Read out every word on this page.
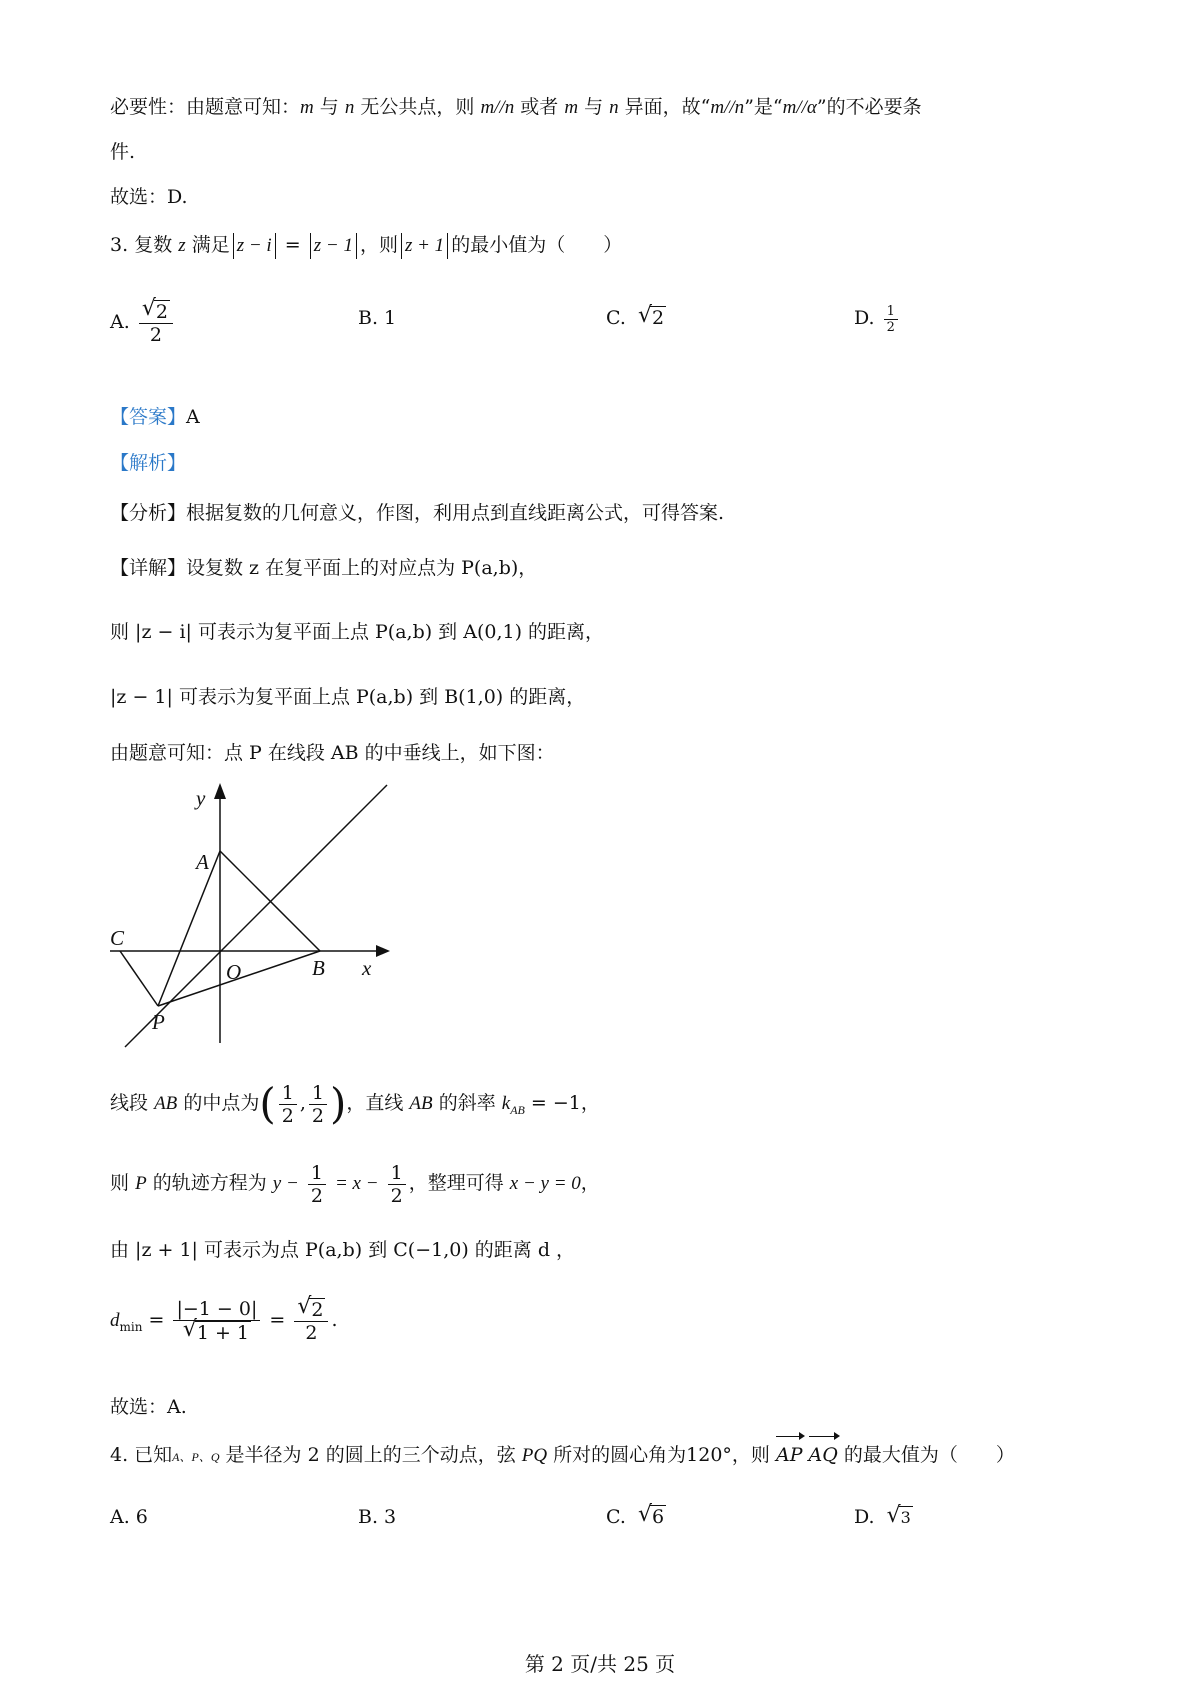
必要性：由题意可知：m 与 n 无公共点，则 m//n 或者 m 与 n 异面，故“m//n”是“m//α”的不必要条
件.
故选：D.
3. 复数 z 满足 z − i = z − 1 ，则 z + 1 的最小值为（　　）
A. √ $\frac{2}{2}$	B. 1	C. √ 2	D. $\frac{1}{2}$
【答案】A
【解析】
【分析】根据复数的几何意义，作图，利用点到直线距离公式，可得答案.
【详解】设复数 z 在复平面上的对应点为 P(a,b)，
则 |z − i| 可表示为复平面上点 P(a,b) 到 A(0,1) 的距离，
|z − 1| 可表示为复平面上点 P(a,b) 到 B(1,0) 的距离，
由题意可知：点 P 在线段 AB 的中垂线上，如下图：
y
A
C
O	B x
P
线段 AB 的中点为( $\frac{1}{2}$ , $\frac{1}{2}$ )，直线 AB 的斜率 $k_{AB} = -1$，
则 P 的轨迹方程为 $y - \frac{1}{2} = x - \frac{1}{2}$ ，整理可得 x − y = 0，
由 |z + 1| 可表示为点 P(a,b) 到 C(−1,0) 的距离 d ，
$d_{min} = |-1 - 0|$
√ 1 + 1 = √ $\frac{2}{2}$ .
故选：A.
4. 已知A、P、Q 是半径为 2 的圆上的三个动点，弦 PQ 所对的圆心角为120°，则 AP AQ 的最大值为（　　）
A. 6	B. 3	C. √ 6	D. √ 3
第 2 页/共 25 页
